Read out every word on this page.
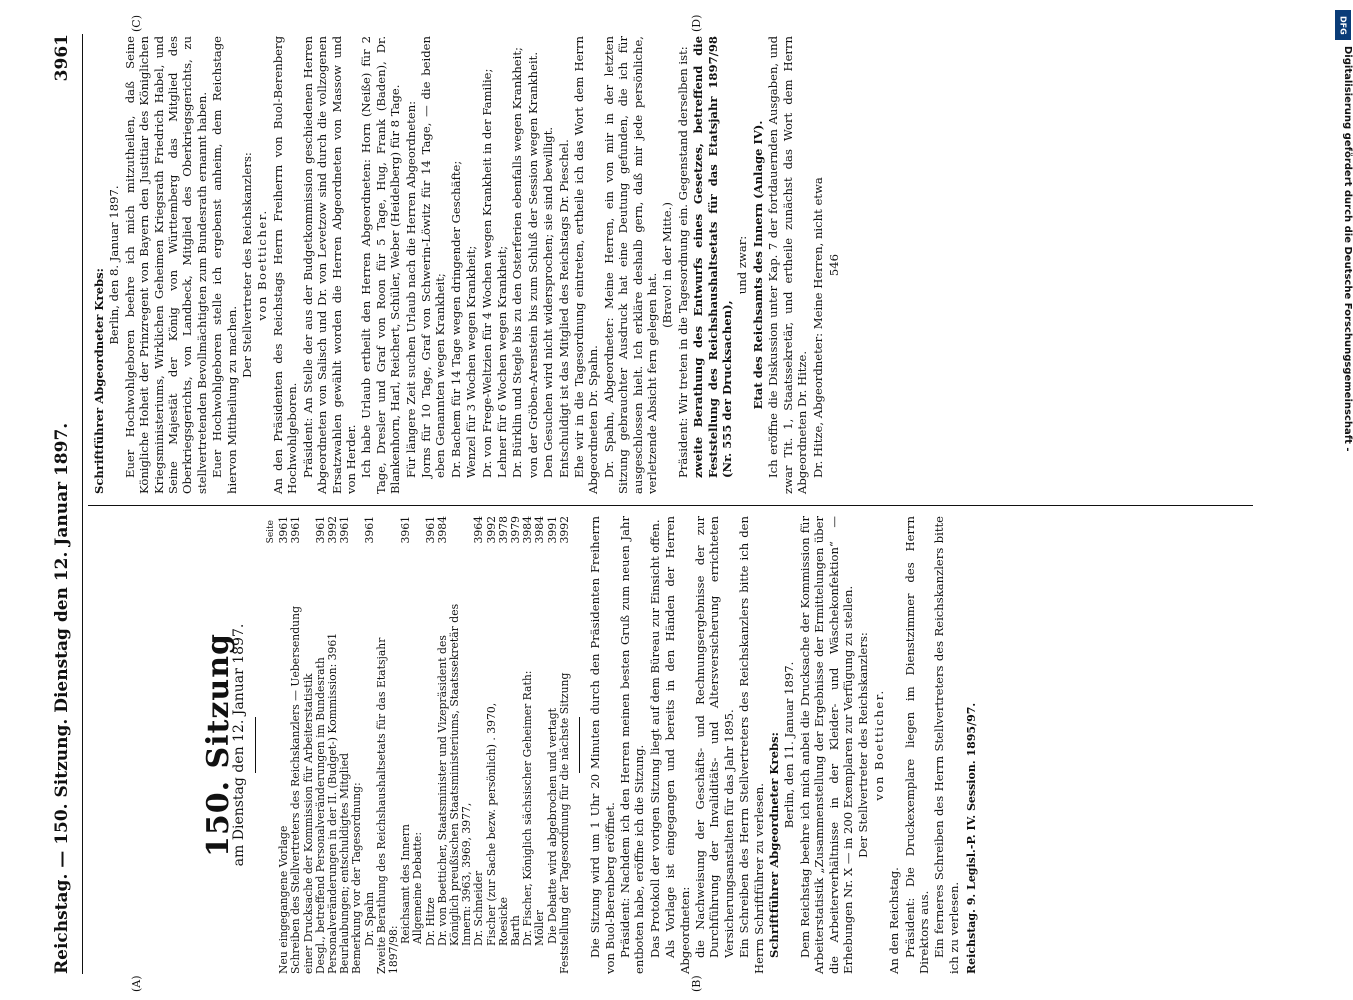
Reichstag. — 150. Sitzung. Dienstag den 12. Januar 1897.
3961
(A)	(B)
(C)	(D)
150. Sitzung
am Dienstag den 12. Januar 1897.
Seite
Neu eingegangene Vorlage
3961
Schreiben des Stellvertreters des Reichskanzlers — Uebersendung einer Drucksache der Kommission für Arbeiterstatistik
3961
Desgl., betreffend Personalveränderungen im Bundesrath
3961
Personalveränderungen in der II. (Budget-) Kommission: 3961
3992
Beurlaubungen; entschuldigtes Mitglied
3961
Bemerkung vor der Tagesordnung: Dr. Spahn
3961
Zweite Berathung des Reichshaushaltsetats für das Etatsjahr 1897/98:
Reichsamt des Innern
3961
Allgemeine Debatte: Dr. Hitze
3961
Dr. von Boetticher, Staatsminister und Vizepräsident des Königlich preußischen Staatsministeriums, Staatssekretär des Innern: 3963, 3969, 3977,
3984
Dr. Schneider
3964
Fischer (zur Sache bezw. persönlich) . 3970,
3992
Roesicke
3978
Barth
3979
Dr. Fischer, Königlich sächsischer Geheimer Rath:
3984
Möller
3984
Die Debatte wird abgebrochen und vertagt
3991
Feststellung der Tagesordnung für die nächste Sitzung
3992 Die Sitzung wird um 1 Uhr 20 Minuten durch den Präsidenten Freiherrn von Buol-Berenberg eröffnet. Präsident: Nachdem ich den Herren meinen besten Gruß zum neuen Jahr entboten habe, eröffne ich die Sitzung. Das Protokoll der vorigen Sitzung liegt auf dem Büreau zur Einsicht offen. Als Vorlage ist eingegangen und bereits in den Händen der Herren Abgeordneten: die Nachweisung der Geschäfts- und Rechnungsergebnisse der zur Durchführung der Invaliditäts- und Altersversicherung errichteten Versicherungsanstalten für das Jahr 1895. Ein Schreiben des Herrn Stellvertreters des Reichskanzlers bitte ich den Herrn Schriftführer zu verlesen. Schriftführer Abgeordneter Krebs: Berlin, den 11. Januar 1897. Dem Reichstag beehre ich mich anbei die Drucksache der Kommission für Arbeiterstatistik „Zusammenstellung der Ergebnisse der Ermittelungen über die Arbeiterverhältnisse in der Kleider- und Wäschekonfektion“ — Erhebungen Nr. X — in 200 Exemplaren zur Verfügung zu stellen. Der Stellvertreter des Reichskanzlers: von Boetticher.

An den Reichstag. Präsident: Die Druckexemplare liegen im Dienstzimmer des Herrn Direktors aus. Ein ferneres Schreiben des Herrn Stellvertreters des Reichskanzlers bitte ich zu verlesen. Reichstag. 9. Legisl.-P. IV. Session. 1895/97.

Schriftführer Abgeordneter Krebs:

Berlin, den 8. Januar 1897. Euer Hochwohlgeboren beehre ich mich mitzutheilen, daß Seine Königliche Hoheit der Prinzregent von Bayern den Justitiar des Königlichen Kriegsministeriums, Wirklichen Geheimen Kriegsrath Friedrich Habel, und Seine Majestät der König von Württemberg das Mitglied des Oberkriegsgerichts, von Landbeck, Mitglied des Oberkriegsgerichts, zu stellvertretenden Bevollmächtigten zum Bundesrath ernannt haben. Euer Hochwohlgeboren stelle ich ergebenst anheim, dem Reichstage hiervon Mittheilung zu machen.

Der Stellvertreter des Reichskanzlers: von Boetticher. An den Präsidenten des Reichstags Herrn Freiherrn von Buol-Berenberg Hochwohlgeboren. Präsident: An Stelle der aus der Budgetkommission geschiedenen Herren Abgeordneten von Salisch und Dr. von Levetzow sind durch die vollzogenen Ersatzwahlen gewählt worden die Herren Abgeordneten von Massow und von Herder. Ich habe Urlaub ertheilt den Herren Abgeordneten: Horn (Neiße) für 2 Tage, Dresler und Graf von Roon für 5 Tage, Hug, Frank (Baden), Dr. Blankenhorn, Harl, Reichert, Schüler, Weber (Heidelberg) für 8 Tage. Für längere Zeit suchen Urlaub nach die Herren Abgeordneten: Jorns für 10 Tage, Graf von Schwerin-Löwitz für 14 Tage, — die beiden eben Genannten wegen Krankheit; Dr. Bachem für 14 Tage wegen dringender Geschäfte; Wenzel für 3 Wochen wegen Krankheit; Dr. von Frege-Weltzien für 4 Wochen wegen Krankheit in der Familie; Lehner für 6 Wochen wegen Krankheit; Dr. Bürklin und Stegle bis zu den Osterferien ebenfalls wegen Krankheit; von der Gröben-Arenstein bis zum Schluß der Session wegen Krankheit. Den Gesuchen wird nicht widersprochen; sie sind bewilligt. Entschuldigt ist das Mitglied des Reichstags Dr. Pieschel. Ehe wir in die Tagesordnung eintreten, ertheile ich das Wort dem Herrn Abgeordneten Dr. Spahn. Dr. Spahn, Abgeordneter: Meine Herren, ein von mir in der letzten Sitzung gebrauchter Ausdruck hat eine Deutung gefunden, die ich für ausgeschlossen hielt. Ich erkläre deshalb gern, daß mir jede persönliche, verletzende Absicht fern gelegen hat.

(Bravo! in der Mitte.) Präsident: Wir treten in die Tagesordnung ein. Gegenstand derselben ist: zweite Berathung des Entwurfs eines Gesetzes, betreffend die Feststellung des Reichshaushaltsetats für das Etatsjahr 1897/98 (Nr. 555 der Drucksachen),

und zwar: Etat des Reichsamts des Innern (Anlage IV). Ich eröffne die Diskussion unter Kap. 7 der fortdauernden Ausgaben, und zwar Tit. 1, Staatssekretär, und ertheile zunächst das Wort dem Herrn Abgeordneten Dr. Hitze. Dr. Hitze, Abgeordneter: Meine Herren, nicht etwa 546
DFG
Digitalisierung gefördert durch die Deutsche Forschungsgemeinschaft -
